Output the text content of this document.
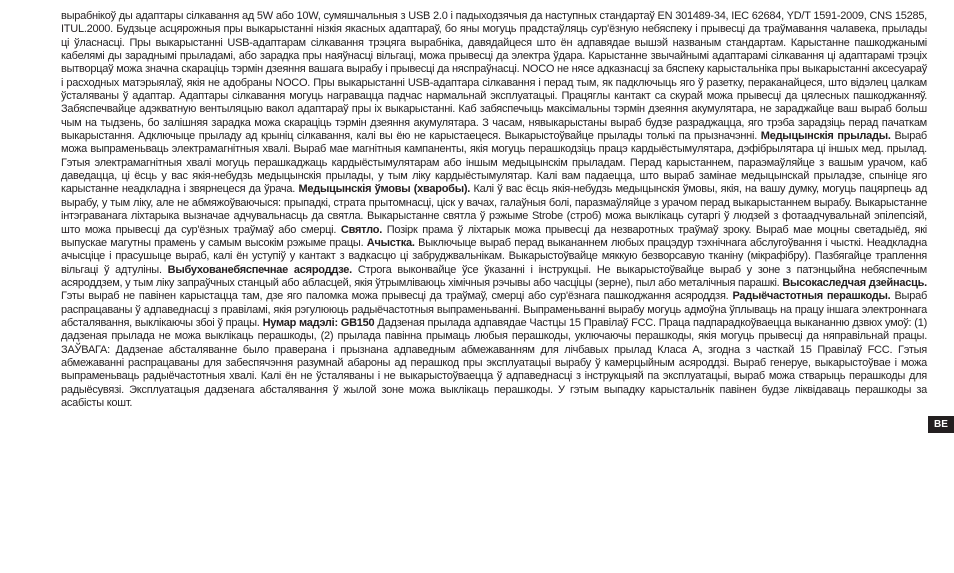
вырабнікоў ды адаптары сілкавання ад 5W або 10W, сумяшчальныя з USB 2.0 і падыходзячыя да наступных стандартаў EN 301489-34, IEC 62684, YD/T 1591-2009, CNS 15285, ITUL.2000. Будзьце асцярожныя пры выкарыстанні нізкія якасных адаптараў, бо яны могуць прадстаўляць сур'ёзную небяспеку і прывесці да траўмавання чалавека, прылады ці ўласнасці. Пры выкарыстанні USB-адаптарам сілкавання трэцяга вырабніка, давядайцеся што ён адпавядае вышэй названым стандартам. Карыстанне пашкоджанымі кабелямі ды зараднымі прыладамі, або зарадка пры наяўнасці вільгаці, можа прывесці да электра ўдара. Карыстанне звычайнымі адаптарамі сілкавання ці адаптарамі трэціх вытворцаў можа значна скараціць тэрмін дзеяння вашага вырабу і прывесці да няспраўнасці. NOCO не нясе адказнасці за бяспеку карыстальніка пры выкарыстанні аксесуараў і расходных матэрыялаў, якія не адобраны NOCO. Пры выкарыстанні USB-адаптара сілкавання і перад тым, як падключыць яго ў разетку, пераканайцеся, што відэлец цалкам ўсталяваны ў адаптар. Адаптары сілкавання могуць награвацца падчас нармальнай эксплуатацыі. Працяглы кантакт са скурай можа прывесці да цялесных пашкоджанняў. Забяспечвайце адэкватную вентыляцыю вакол адаптараў пры іх выкарыстанні. Каб забяспечыць максімальны тэрмін дзеяння акумулятара, не зараджайце ваш выраб больш чым на тыдзень, бо залішняя зарадка можа скарaціць тэрмін дзеяння акумулятара. З часам, нявыкарыстаны выраб будзе разраджацца, яго трэба зарадзіць перад пачаткам выкарыстання. Адключыце прыладу ад крыніц сілкавання, калі вы ёю не карыстаецеся. Выкарыстоўвайце прылады толькі па прызначэнні. Медыцынскія прылады. Выраб можа выпраменьваць электрамагнітныя хвалі. Выраб мае магнітныя кампаненты, якія могуць перашкодзіць працэ кардыёстымулятара, дэфібрылятара ці іншых мед. прылад. Гэтыя электрамагнітныя хвалі могуць перашкаджаць кардыёстымулятарам або іншым медыцынскім прыладам. Перад карыстаннем, параэмаўляйце з вашым урачом, каб даведацца, ці ёсць у вас якія-небудзь медыцынскія прылады, у тым ліку кардыёстымулятар. Калі вам падаецца, што выраб замінае медыцынскай прыладзе, спыніце яго карыстанне неадкладна і звярнецеся да ўрача. Медыцынскія ўмовы (хваробы). Калі ў вас ёсць якія-небудзь медыцынскія ўмовы, якія, на вашу думку, могуць пацярпець ад вырабу, у тым ліку, але не абмяжоўваючыся: прыпадкі, страта прытомнасці, ціск у вачах, галаўныя болі, паразмаўляйце з урачом перад выкарыстаннем вырабу. Выкарыстанне інтэграванага ліхтарыка вызначае адчувальнасць да святла. Выкарыстанне святла ў рэжыме Strobe (строб) можа выклікаць сутаргі ў людзей з фотаадчувальнай эпілепсіяй, што можа прывесці да сур'ёзных траўмаў або смерці. Святло. Позірк прама ў ліхтарык можа прывесці да незваротных траўмаў зроку. Выраб мае моцны светадыёд, які выпускае магутны прамень у самым высокім рэжыме працы. Ачыстка. Выключыце выраб перад выкананнем любых працэдур тэхнічнага абслугоўвання і чысткі. Неадкладна ачысціце і прасушыце выраб, калі ён уступіў у кантакт з вадкасцю ці забруджвальнікам. Выкарыстоўвайце мяккую безворсавую тканіну (мікрафібру). Пазбягайце траплення вільгаці ў адтуліны. Выбухованебяспечнае асяроддзе. Строга выконвайце ўсе ўказанні і інструкцыі. Не выкарыстоўвайце выраб у зоне з патэнцыйна небяспечным асяроддзем, у тым ліку запраўчных станцый або абласцей, якія ўтрымліваюць хімічныя рэчывы або часціцы (зерне), пыл або металічныя парашкі. Высокаследчая дзейнасць. Гэты выраб не павінен карыстацца там, дзе яго паломка можа прывесці да траўмаў, смерці або сур'ёзнага пашкоджання асяроддзя. Радыёчастотныя перашкоды. Выраб распрацаваны ў адпаведнасці з правіламі, якія рэгулююць радыёчастотныя выпраменьванні. Выпраменьванні вырабу могуць адмоўна ўплываць на працу іншага электроннага абсталявання, выклікаючы збоі ў працы. Нумар мадэлі: GB150 Дадзеная прылада адпавядае Частцы 15 Правілаў FCC. Праца падпарадкоўваецца выкананню дзвюх умоў: (1) дадзеная прылада не можа выклікаць перашкоды, (2) прылада павінна прымаць любыя перашкоды, уключаючы перашкоды, якія могуць прывесці да няправільнай працы. ЗАЎВАГА: Дадзенае абсталяванне было праверана і прызнана адпаведным абмежаванням для лічбавых прылад Класа А, згодна з часткай 15 Правілаў FCC. Гэтыя абмежаванні распрацаваны для забеспячэння разумнай абароны ад перашкод пры эксплуатацыі вырабу ў камерцыйным асяроддзі. Выраб генеруе, выкарыстоўвае і можа выпраменьваць радыёчастотныя хвалі. Калі ён не ўсталяваны і не выкарыстоўваецца ў адпаведнасці з інструкцыяй па эксплуатацыі, выраб можа стварыць перашкоды для радыёсувязі. Эксплуатацыя дадзенага абсталявання ў жылой зоне можа выклікаць перашкоды. У гэтым выпадку карыстальнік павінен будзе ліквідаваць перашкоды за асабісты кошт.
BE
